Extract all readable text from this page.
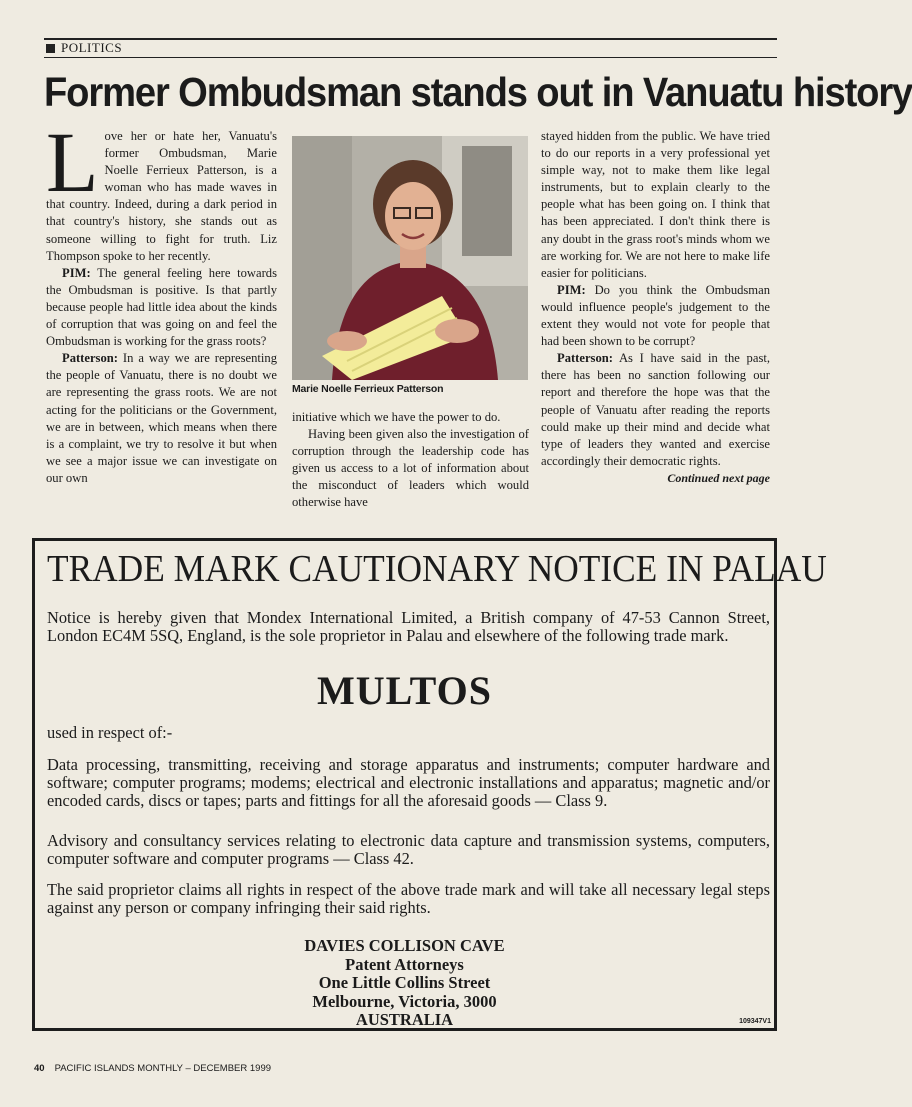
POLITICS
Former Ombudsman stands out in Vanuatu history

Love her or hate her, Vanuatu's former Ombudsman, Marie Noelle Ferrieux Patterson, is a woman who has made waves in that country. Indeed, during a dark period in that country's history, she stands out as someone willing to fight for truth. Liz Thompson spoke to her recently.

PIM: The general feeling here towards the Ombudsman is positive. Is that partly because people had little idea about the kinds of corruption that was going on and feel the Ombudsman is working for the grass roots?

Patterson: In a way we are representing the people of Vanuatu, there is no doubt we are representing the grass roots. We are not acting for the politicians or the Government, we are in between, which means when there is a complaint, we try to resolve it but when we see a major issue we can investigate on our own

Marie Noelle Ferrieux Patterson

initiative which we have the power to do.

Having been given also the investigation of corruption through the leadership code has given us access to a lot of information about the misconduct of leaders which would otherwise have

stayed hidden from the public. We have tried to do our reports in a very professional yet simple way, not to make them like legal instruments, but to explain clearly to the people what has been going on. I think that has been appreciated. I don't think there is any doubt in the grass root's minds whom we are working for. We are not here to make life easier for politicians.

PIM: Do you think the Ombudsman would influence people's judgement to the extent they would not vote for people that had been shown to be corrupt?

Patterson: As I have said in the past, there has been no sanction following our report and therefore the hope was that the people of Vanuatu after reading the reports could make up their mind and decide what type of leaders they wanted and exercise accordingly their democratic rights.

Continued next page
TRADE MARK CAUTIONARY NOTICE IN PALAU

Notice is hereby given that Mondex International Limited, a British company of 47-53 Cannon Street, London EC4M 5SQ, England, is the sole proprietor in Palau and elsewhere of the following trade mark.

MULTOS

used in respect of:-

Data processing, transmitting, receiving and storage apparatus and instruments; computer hardware and software; computer programs; modems; electrical and electronic installations and apparatus; magnetic and/or encoded cards, discs or tapes; parts and fittings for all the aforesaid goods — Class 9.

Advisory and consultancy services relating to electronic data capture and transmission systems, computers, computer software and computer programs — Class 42.

The said proprietor claims all rights in respect of the above trade mark and will take all necessary legal steps against any person or company infringing their said rights.

DAVIES COLLISON CAVE
Patent Attorneys
One Little Collins Street
Melbourne, Victoria, 3000
AUSTRALIA	109347V1
40 PACIFIC ISLANDS MONTHLY – DECEMBER 1999
